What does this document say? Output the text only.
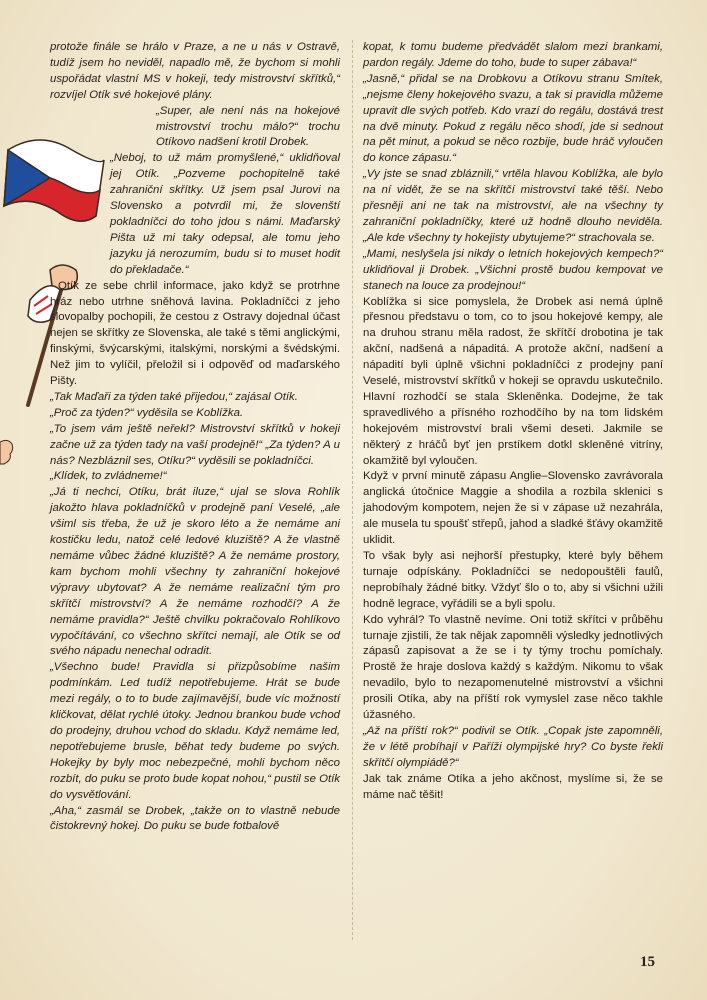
protože finále se hrálo v Praze, a ne u nás v Ostravě, tudíž jsem ho neviděl, napadlo mě, že bychom si mohli uspořádat vlastní MS v hokeji, tedy mistrovství skřítků,“ rozvíjel Otík své hokejové plány.

„Super, ale není nás na hokejové mistrovství trochu málo?“ trochu Otíkovo nadšení krotil Drobek.

„Neboj, to už mám promyšlené,“ uklidňoval jej Otík. „Pozveme pochopitelně také zahraniční skřítky. Už jsem psal Jurovi na Slovensko a potvrdil mi, že slovenští pokladníčci do toho jdou s námi. Maďarský Pišta už mi taky odepsal, ale tomu jeho jazyku já nerozumím, budu si to muset hodit do překladače.“

Otík ze sebe chrlil informace, jako když se protrhne hráz nebo utrhne sněhová lavina. Pokladníčci z jeho slovopalby pochopili, že cestou z Ostravy dojednal účast nejen se skřítky ze Slovenska, ale také s těmi anglickými, finskými, švýcarskými, italskými, norskými a švédskými. Než jim to vylíčil, přeložil si i odpověď od maďarského Pišty.

„Tak Maďaři za týden také přijedou,“ zajásal Otík.

„Proč za týden?“ vyděsila se Koblížka.

„To jsem vám ještě neřekl? Mistrovství skřítků v hokeji začne už za týden tady na vaší prodejně!“ „Za týden? A u nás? Nezbláznil ses, Otíku?“ vyděsili se pokladníčci.

„Klídek, to zvládneme!“

„Já ti nechci, Otíku, brát iluze,“ ujal se slova Rohlík jakožto hlava pokladníčků v prodejně paní Veselé, „ale všiml sis třeba, že už je skoro léto a že nemáme ani kostičku ledu, natož celé ledové kluziště? A že vlastně nemáme vůbec žádné kluziště? A že nemáme prostory, kam bychom mohli všechny ty zahraniční hokejové výpravy ubytovat? A že nemáme realizační tým pro skřítčí mistrovství? A že nemáme rozhodčí? A že nemáme pravidla?“ Ještě chvilku pokračovalo Rohlíkovo vypočítávání, co všechno skřítci nemají, ale Otík se od svého nápadu nenechal odradit.

„Všechno bude! Pravidla si přizpůsobíme našim podmínkám. Led tudíž nepotřebujeme. Hrát se bude mezi regály, o to to bude zajímavější, bude víc možností kličkovat, dělat rychlé útoky. Jednou brankou bude vchod do prodejny, druhou vchod do skladu. Když nemáme led, nepotřebujeme brusle, běhat tedy budeme po svých. Hokejky by byly moc nebezpečné, mohli bychom něco rozbít, do puku se proto bude kopat nohou,“ pustil se Otík do vysvětlování.

„Aha,“ zasmál se Drobek, „takže on to vlastně nebude čistokrevný hokej. Do puku se bude fotbalově

kopat, k tomu budeme předvádět slalom mezi brankami, pardon regály. Jdeme do toho, bude to super zábava!“

„Jasně,“ přidal se na Drobkovu a Otíkovu stranu Smítek, „nejsme členy hokejového svazu, a tak si pravidla můžeme upravit dle svých potřeb. Kdo vrazí do regálu, dostává trest na dvě minuty. Pokud z regálu něco shodí, jde si sednout na pět minut, a pokud se něco rozbije, bude hráč vyloučen do konce zápasu.“

„Vy jste se snad zbláznili,“ vrtěla hlavou Koblížka, ale bylo na ní vidět, že se na skřítčí mistrovství také těší. Nebo přesněji ani ne tak na mistrovství, ale na všechny ty zahraniční pokladníčky, které už hodně dlouho neviděla. „Ale kde všechny ty hokejisty ubytujeme?“ strachovala se.

„Mami, neslyšela jsi nikdy o letních hokejových kempech?“ uklidňoval ji Drobek. „Všichni prostě budou kempovat ve stanech na louce za prodejnou!“

Koblížka si sice pomyslela, že Drobek asi nemá úplně přesnou představu o tom, co to jsou hokejové kempy, ale na druhou stranu měla radost, že skřítčí drobotina je tak akční, nadšená a nápaditá. A protože akční, nadšení a nápadití byli úplně všichni pokladníčci z prodejny paní Veselé, mistrovství skřítků v hokeji se opravdu uskutečnilo. Hlavní rozhodčí se stala Skleněnka. Dodejme, že tak spravedlivého a přísného rozhodčího by na tom lidském hokejovém mistrovství brali všemi deseti. Jakmile se některý z hráčů byť jen prstíkem dotkl skleněné vitríny, okamžitě byl vyloučen.

Když v první minutě zápasu Anglie–Slovensko zavrávorala anglická útočnice Maggie a shodila a rozbila sklenici s jahodovým kompotem, nejen že si v zápase už nezahrála, ale musela tu spoušť střepů, jahod a sladké šťávy okamžitě uklidit.

To však byly asi nejhorší přestupky, které byly během turnaje odpískány. Pokladníčci se nedopouštěli faulů, neprobíhaly žádné bitky. Vždyť šlo o to, aby si všichni užili hodně legrace, vyřádili se a byli spolu.

Kdo vyhrál? To vlastně nevíme. Oni totiž skřítci v průběhu turnaje zjistili, že tak nějak zapomněli výsledky jednotlivých zápasů zapisovat a že se i ty týmy trochu pomíchaly. Prostě že hraje doslova každý s každým. Nikomu to však nevadilo, bylo to nezapomenutelné mistrovství a všichni prosili Otíka, aby na příští rok vymyslel zase něco takhle úžasného.

„Až na příští rok?“ podivil se Otík. „Copak jste zapomněli, že v létě probíhají v Paříži olympijské hry? Co byste řekli skřítčí olympiádě?“

Jak tak známe Otíka a jeho akčnost, myslíme si, že se máme nač těšit!

15
